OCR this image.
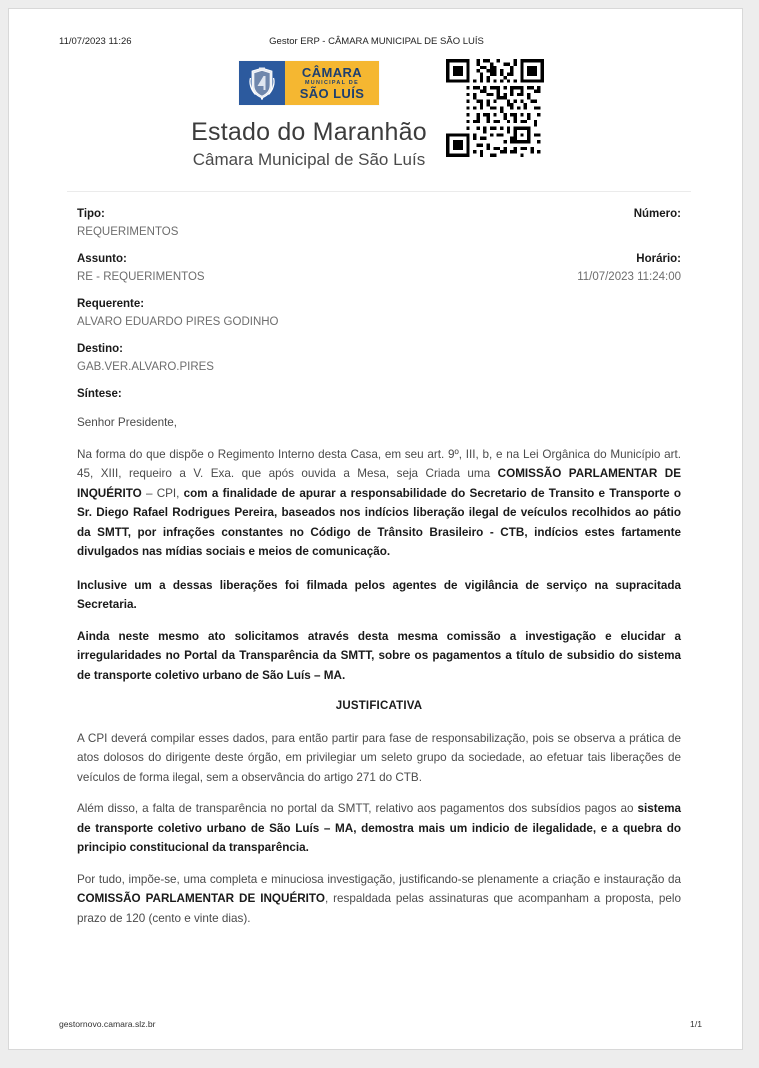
11/07/2023 11:26	Gestor ERP - CÂMARA MUNICIPAL DE SÃO LUÍS
CÂMARA
MUNICIPAL DE
SÃO LUÍS
Estado do Maranhão
Câmara Municipal de São Luís
Tipo:	Número:
REQUERIMENTOS
Assunto:	Horário:
RE - REQUERIMENTOS	11/07/2023 11:24:00
Requerente:
ALVARO EDUARDO PIRES GODINHO
Destino:
GAB.VER.ALVARO.PIRES
Síntese:

Senhor Presidente,

Na forma do que dispõe o Regimento Interno desta Casa, em seu art. 9º, III, b, e na Lei Orgânica do Município art. 45, XIII, requeiro a V. Exa. que após ouvida a Mesa, seja Criada uma COMISSÃO PARLAMENTAR DE INQUÉRITO – CPI, com a finalidade de apurar a responsabilidade do Secretario de Transito e Transporte o Sr. Diego Rafael Rodrigues Pereira, baseados nos indícios liberação ilegal de veículos recolhidos ao pátio da SMTT, por infrações constantes no Código de Trânsito Brasileiro - CTB, indícios estes fartamente divulgados nas mídias sociais e meios de comunicação.

Inclusive um a dessas liberações foi filmada pelos agentes de vigilância de serviço na supracitada Secretaria.

Ainda neste mesmo ato solicitamos através desta mesma comissão a investigação e elucidar a irregularidades no Portal da Transparência da SMTT, sobre os pagamentos a título de subsidio do sistema de transporte coletivo urbano de São Luís – MA.

JUSTIFICATIVA

A CPI deverá compilar esses dados, para então partir para fase de responsabilização, pois se observa a prática de atos dolosos do dirigente deste órgão, em privilegiar um seleto grupo da sociedade, ao efetuar tais liberações de veículos de forma ilegal, sem a observância do artigo 271 do CTB.

Além disso, a falta de transparência no portal da SMTT, relativo aos pagamentos dos subsídios pagos ao sistema de transporte coletivo urbano de São Luís – MA, demostra mais um indicio de ilegalidade, e a quebra do principio constitucional da transparência.

Por tudo, impõe-se, uma completa e minuciosa investigação, justificando-se plenamente a criação e instauração da COMISSÃO PARLAMENTAR DE INQUÉRITO, respaldada pelas assinaturas que acompanham a proposta, pelo prazo de 120 (cento e vinte dias).

gestornovo.camara.slz.br	1/1
